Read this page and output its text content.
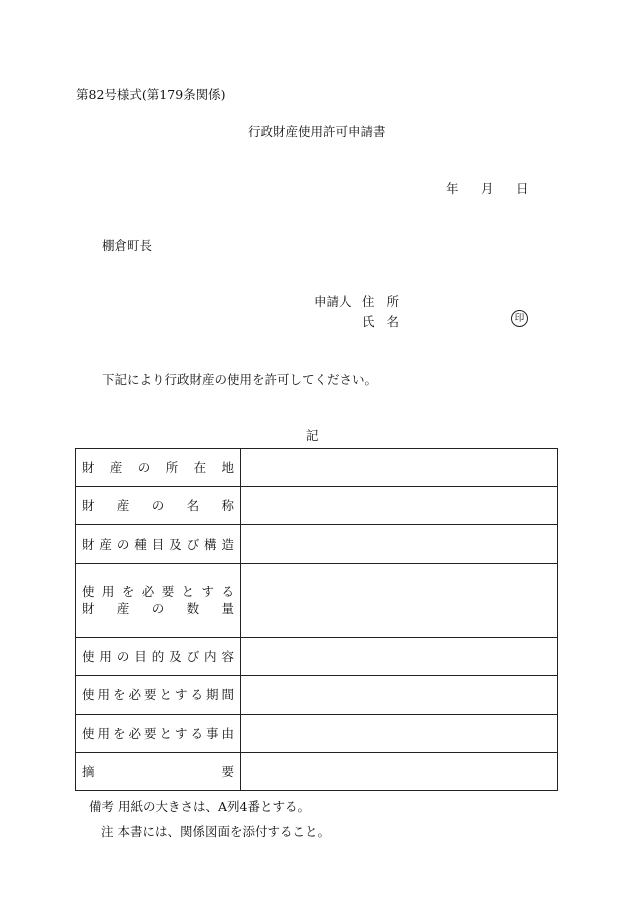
第82号様式(第179条関係)
行政財産使用許可申請書
年 月 日
棚倉町長
申請人 住所
氏名	印
下記により行政財産の使用を許可してください。
記
財産の所在地	

財産の名称	

財産の種目及び構造	

使用を必要とする
財産の数量	

使用の目的及び内容	

使用を必要とする期間	

使用を必要とする事由	

摘要	

備考 用紙の大きさは、A列4番とする。
注 本書には、関係図面を添付すること。
